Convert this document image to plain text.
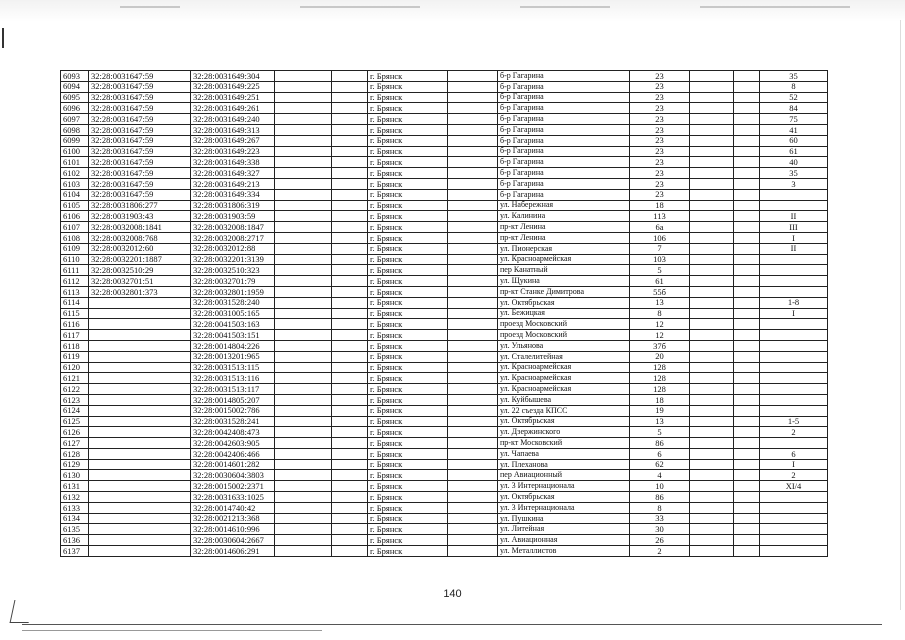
6093	32:28:0031647:59	32:28:0031649:304			г. Брянск		б-р Гагарина	23			35
6094	32:28:0031647:59	32:28:0031649:225			г. Брянск		б-р Гагарина	23			8
6095	32:28:0031647:59	32:28:0031649:251			г. Брянск		б-р Гагарина	23			52
6096	32:28:0031647:59	32:28:0031649:261			г. Брянск		б-р Гагарина	23			84
6097	32:28:0031647:59	32:28:0031649:240			г. Брянск		б-р Гагарина	23			75
6098	32:28:0031647:59	32:28:0031649:313			г. Брянск		б-р Гагарина	23			41
6099	32:28:0031647:59	32:28:0031649:267			г. Брянск		б-р Гагарина	23			60
6100	32:28:0031647:59	32:28:0031649:223			г. Брянск		б-р Гагарина	23			61
6101	32:28:0031647:59	32:28:0031649:338			г. Брянск		б-р Гагарина	23			40
6102	32:28:0031647:59	32:28:0031649:327			г. Брянск		б-р Гагарина	23			35
6103	32:28:0031647:59	32:28:0031649:213			г. Брянск		б-р Гагарина	23			3
6104	32:28:0031647:59	32:28:0031649:334			г. Брянск		б-р Гагарина	23			
6105	32:28:0031806:277	32:28:0031806:319			г. Брянск		ул. Набережная	18			
6106	32:28:0031903:43	32:28:0031903:59			г. Брянск		ул. Калинина	113			II
6107	32:28:0032008:1841	32:28:0032008:1847			г. Брянск		пр-кт Ленина	6а			III
6108	32:28:0032008:768	32:28:0032008:2717			г. Брянск		пр-кт Ленина	106			I
6109	32:28:0032012:60	32:28:0032012:88			г. Брянск		ул. Пионерская	7			II
6110	32:28:0032201:1887	32:28:0032201:3139			г. Брянск		ул. Красноармейская	103			
6111	32:28:0032510:29	32:28:0032510:323			г. Брянск		пер Канатный	5			
6112	32:28:0032701:51	32:28:0032701:79			г. Брянск		ул. Щукина	61			
6113	32:28:0032801:373	32:28:0032801:1959			г. Брянск		пр-кт Станке Димитрова	55б			
6114		32:28:0031528:240			г. Брянск		ул. Октябрьская	13			1-8
6115		32:28:0031005:165			г. Брянск		ул. Бежицкая	8			I
6116		32:28:0041503:163			г. Брянск		проезд Московский	12			
6117		32:28:0041503:151			г. Брянск		проезд Московский	12			
6118		32:28:0014804:226			г. Брянск		ул. Ульянова	37б			
6119		32:28:0013201:965			г. Брянск		ул. Сталелитейная	20			
6120		32:28:0031513:115			г. Брянск		ул. Красноармейская	128			
6121		32:28:0031513:116			г. Брянск		ул. Красноармейская	128			
6122		32:28:0031513:117			г. Брянск		ул. Красноармейская	128			
6123		32:28:0014805:207			г. Брянск		ул. Куйбышева	18			
6124		32:28:0015002:786			г. Брянск		ул. 22 съезда КПСС	19			
6125		32:28:0031528:241			г. Брянск		ул. Октябрьская	13			1-5
6126		32:28:0042408:473			г. Брянск		ул. Дзержинского	5			2
6127		32:28:0042603:905			г. Брянск		пр-кт Московский	86			
6128		32:28:0042406:466			г. Брянск		ул. Чапаева	6			6
6129		32:28:0014601:282			г. Брянск		ул. Плеханова	62			I
6130		32:28:0030604:3803			г. Брянск		пер Авиационный	4			2
6131		32:28:0015002:2371			г. Брянск		ул. 3 Интернационала	10			XI/4
6132		32:28:0031633:1025			г. Брянск		ул. Октябрьская	86			
6133		32:28:0014740:42			г. Брянск		ул. 3 Интернационала	8			
6134		32:28:0021213:368			г. Брянск		ул. Пушкина	33			
6135		32:28:0014610:996			г. Брянск		ул. Литейная	30			
6136		32:28:0030604:2667			г. Брянск		ул. Авиационная	26			
6137		32:28:0014606:291			г. Брянск		ул. Металлистов	2			
140
